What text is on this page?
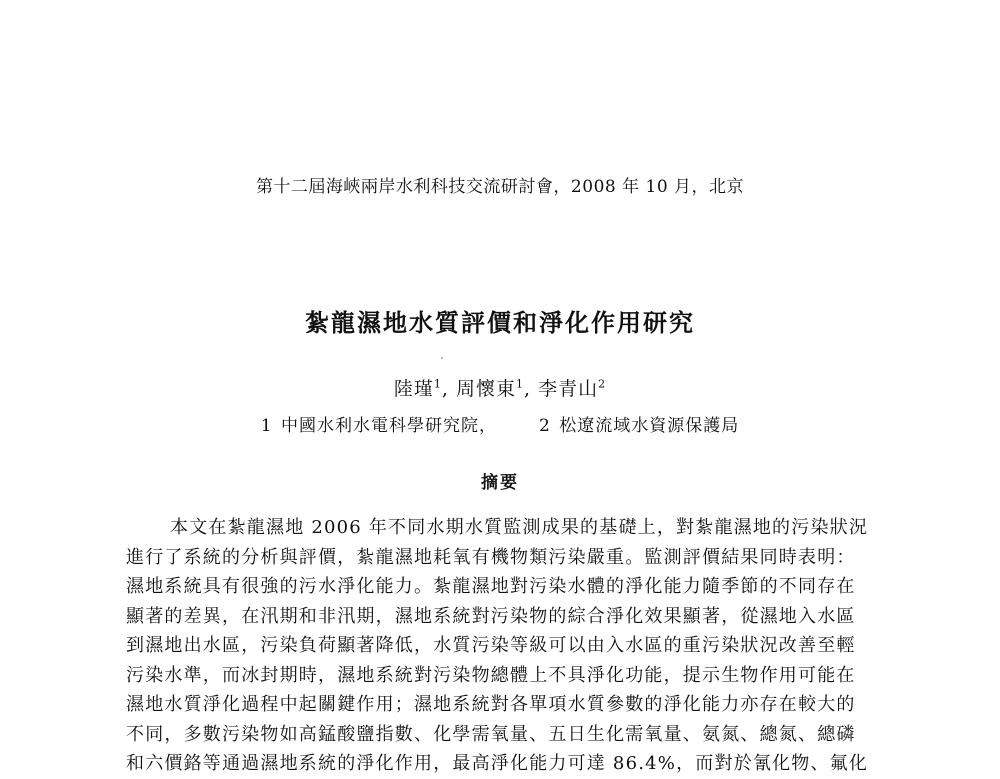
第十二屆海峽兩岸水利科技交流研討會，2008 年 10 月，北京
紮龍濕地水質評價和淨化作用研究
陸瑾$^1$, 周懷東$^1$, 李青山$^2$
1 中國水利水電科學研究院， 2 松遼流域水資源保護局
摘要
本文在紮龍濕地 2006 年不同水期水質監測成果的基礎上，對紮龍濕地的污染狀況
進行了系統的分析與評價，紮龍濕地耗氧有機物類污染嚴重。監測評價結果同時表明：
濕地系統具有很強的污水淨化能力。紮龍濕地對污染水體的淨化能力隨季節的不同存在
顯著的差異，在汛期和非汛期，濕地系統對污染物的綜合淨化效果顯著，從濕地入水區
到濕地出水區，污染負荷顯著降低，水質污染等級可以由入水區的重污染狀況改善至輕
污染水準，而冰封期時，濕地系統對污染物總體上不具淨化功能，提示生物作用可能在
濕地水質淨化過程中起關鍵作用；濕地系統對各單項水質參數的淨化能力亦存在較大的
不同，多數污染物如高錳酸鹽指數、化學需氧量、五日生化需氧量、氨氮、總氮、總磷
和六價鉻等通過濕地系統的淨化作用，最高淨化能力可達 86.4%，而對於氰化物、氟化
